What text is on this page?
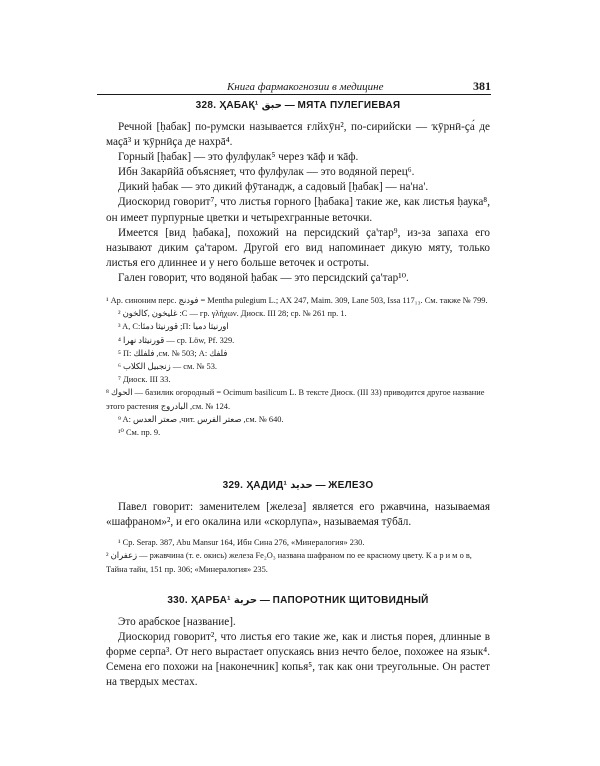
Книга фармакогнозии в медицине	381
328. ҲАБАҚ¹ حبق — МЯТА ПУЛЕГИЕВАЯ

Речной [ḥабак] по-румски называется ғлйхӯн², по-сирийски — ҡӯрнӣ-ҫа́ де маҫā³ и ҡӯрнӣҫа де нахрā⁴.

Горный [ḥабак] — это фулфулак⁵ через ҡāф и ҡāф.

Ибн Закарӣйā объясняет, что фулфулак — это водяной перец⁶.

Дикий ḥабак — это дикий фӯтанадж, а садовый [ḥабак] — на'на'.

Диоскорид говорит⁷, что листья горного [ḥабака] такие же, как листья ḥаука⁸, он имеет пурпурные цветки и четырехгранные веточки.

Имеется [вид ḥабака], похожий на персидский ҫа'тар⁹, из-за запаха его называют диким ҫа'таром. Другой его вид напоминает дикую мяту, только листья его длиннее и у него больше веточек и остроты.

Гален говорит, что водяной ḥабак — это персидский ҫа'тар¹⁰.

¹ Ар. синоним перс. فودنج = Mentha pulegium L.; AX 247, Maim. 309, Lane 503, Issa 117₁₃. См. также № 799.

² غليخون ,كالخون :C — гр. γλήχων. Диоск. III 28; ср. № 261 пр. 1.

³ A, C:قورنيثا دمئا ;П: اورنيثا دميا

⁴ قورنيثاد نهرا — ср. Löw, Pf. 329.

⁵ П: فلفلك ,см. № 503; A: فلفك

⁶ زنجبيل الكلاب — см. № 53.

⁷ Диоск. III 33.

⁸ الحوك — базилик огородный = Ocimum basilicum L. В тексте Диоск. (III 33) приводится другое название этого растения البادروج ,см. № 124.

⁹ A: صعتر العدس ,чит. صعتر الفرس ,см. № 640.

¹⁰ См. пр. 9.

329. ҲАДИД¹ حديد — ЖЕЛЕЗО

Павел говорит: заменителем [железа] является его ржавчина, называемая «шафраном»², и его окалина или «скорлупа», называемая тӯбāл.

¹ Ср. Serap. 387, Abu Mansur 164, Ибн Сина 276, «Минералогия» 230.

² زعفران — ржавчина (т. е. окись) железа Fe₂O₃ названа шафраном по ее красному цвету. К а р и м о в, Тайна тайн, 151 пр. 306; «Минералогия» 235.

330. ҲАРБА¹ حربة — ПАПОРОТНИК ЩИТОВИДНЫЙ

Это арабское [название].

Диоскорид говорит², что листья его такие же, как и листья порея, длинные в форме серпа³. От него вырастает опускаясь вниз нечто белое, похожее на язык⁴. Семена его похожи на [наконечник] копья⁵, так как они треугольные. Он растет на твердых местах.
